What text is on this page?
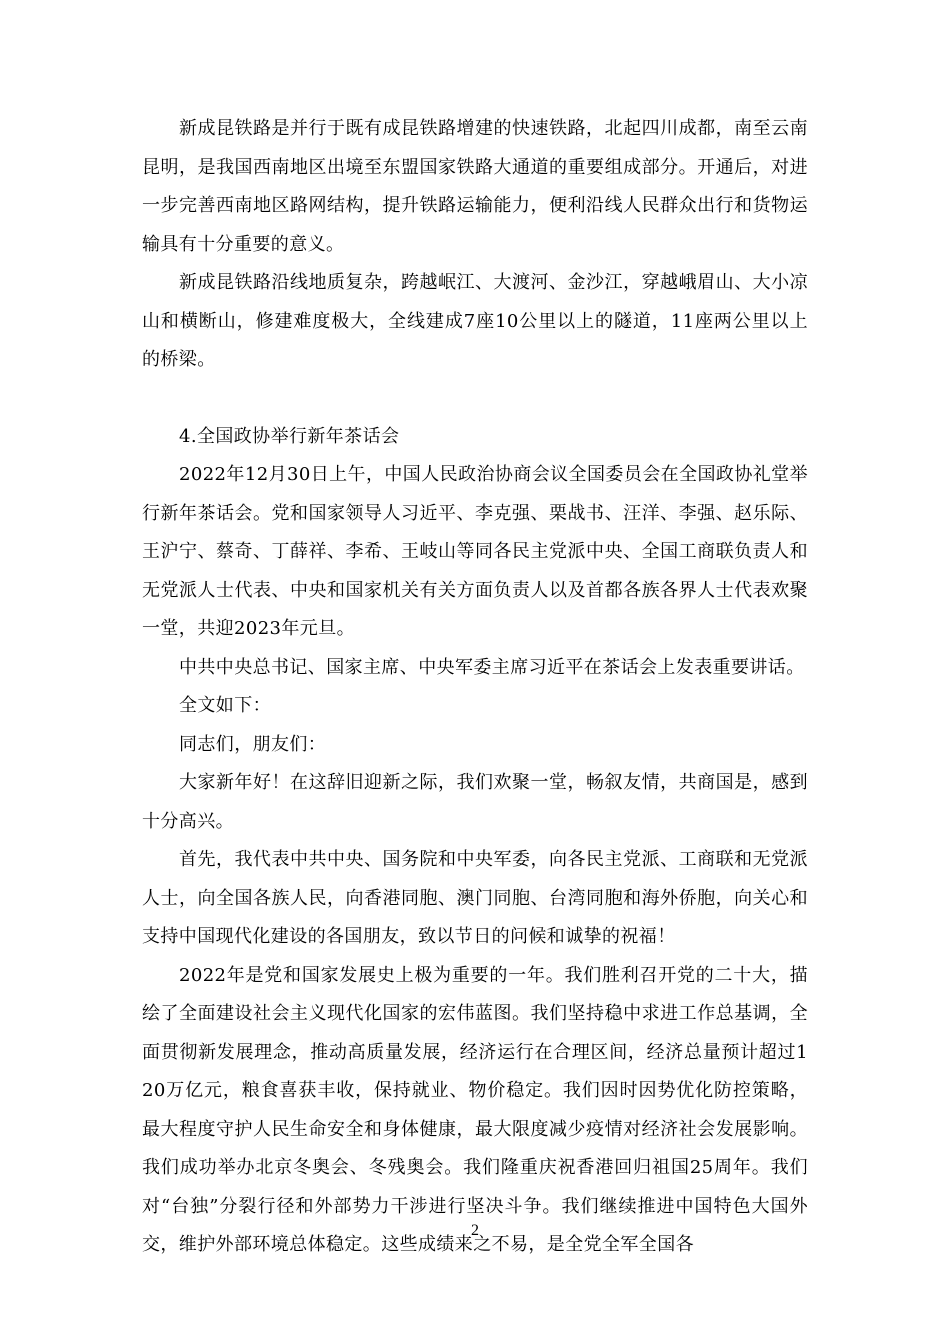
新成昆铁路是并行于既有成昆铁路增建的快速铁路，北起四川成都，南至云南昆明，是我国西南地区出境至东盟国家铁路大通道的重要组成部分。开通后，对进一步完善西南地区路网结构，提升铁路运输能力，便利沿线人民群众出行和货物运输具有十分重要的意义。

新成昆铁路沿线地质复杂，跨越岷江、大渡河、金沙江，穿越峨眉山、大小凉山和横断山，修建难度极大，全线建成7座10公里以上的隧道，11座两公里以上的桥梁。

4.全国政协举行新年茶话会

2022年12月30日上午，中国人民政治协商会议全国委员会在全国政协礼堂举行新年茶话会。党和国家领导人习近平、李克强、栗战书、汪洋、李强、赵乐际、王沪宁、蔡奇、丁薛祥、李希、王岐山等同各民主党派中央、全国工商联负责人和无党派人士代表、中央和国家机关有关方面负责人以及首都各族各界人士代表欢聚一堂，共迎2023年元旦。

中共中央总书记、国家主席、中央军委主席习近平在茶话会上发表重要讲话。

全文如下：

同志们，朋友们：

大家新年好！在这辞旧迎新之际，我们欢聚一堂，畅叙友情，共商国是，感到十分高兴。

首先，我代表中共中央、国务院和中央军委，向各民主党派、工商联和无党派人士，向全国各族人民，向香港同胞、澳门同胞、台湾同胞和海外侨胞，向关心和支持中国现代化建设的各国朋友，致以节日的问候和诚挚的祝福！

2022年是党和国家发展史上极为重要的一年。我们胜利召开党的二十大，描绘了全面建设社会主义现代化国家的宏伟蓝图。我们坚持稳中求进工作总基调，全面贯彻新发展理念，推动高质量发展，经济运行在合理区间，经济总量预计超过120万亿元，粮食喜获丰收，保持就业、物价稳定。我们因时因势优化防控策略，最大程度守护人民生命安全和身体健康，最大限度减少疫情对经济社会发展影响。我们成功举办北京冬奥会、冬残奥会。我们隆重庆祝香港回归祖国25周年。我们对“台独”分裂行径和外部势力干涉进行坚决斗争。我们继续推进中国特色大国外交，维护外部环境总体稳定。这些成绩来之不易，是全党全军全国各

2
